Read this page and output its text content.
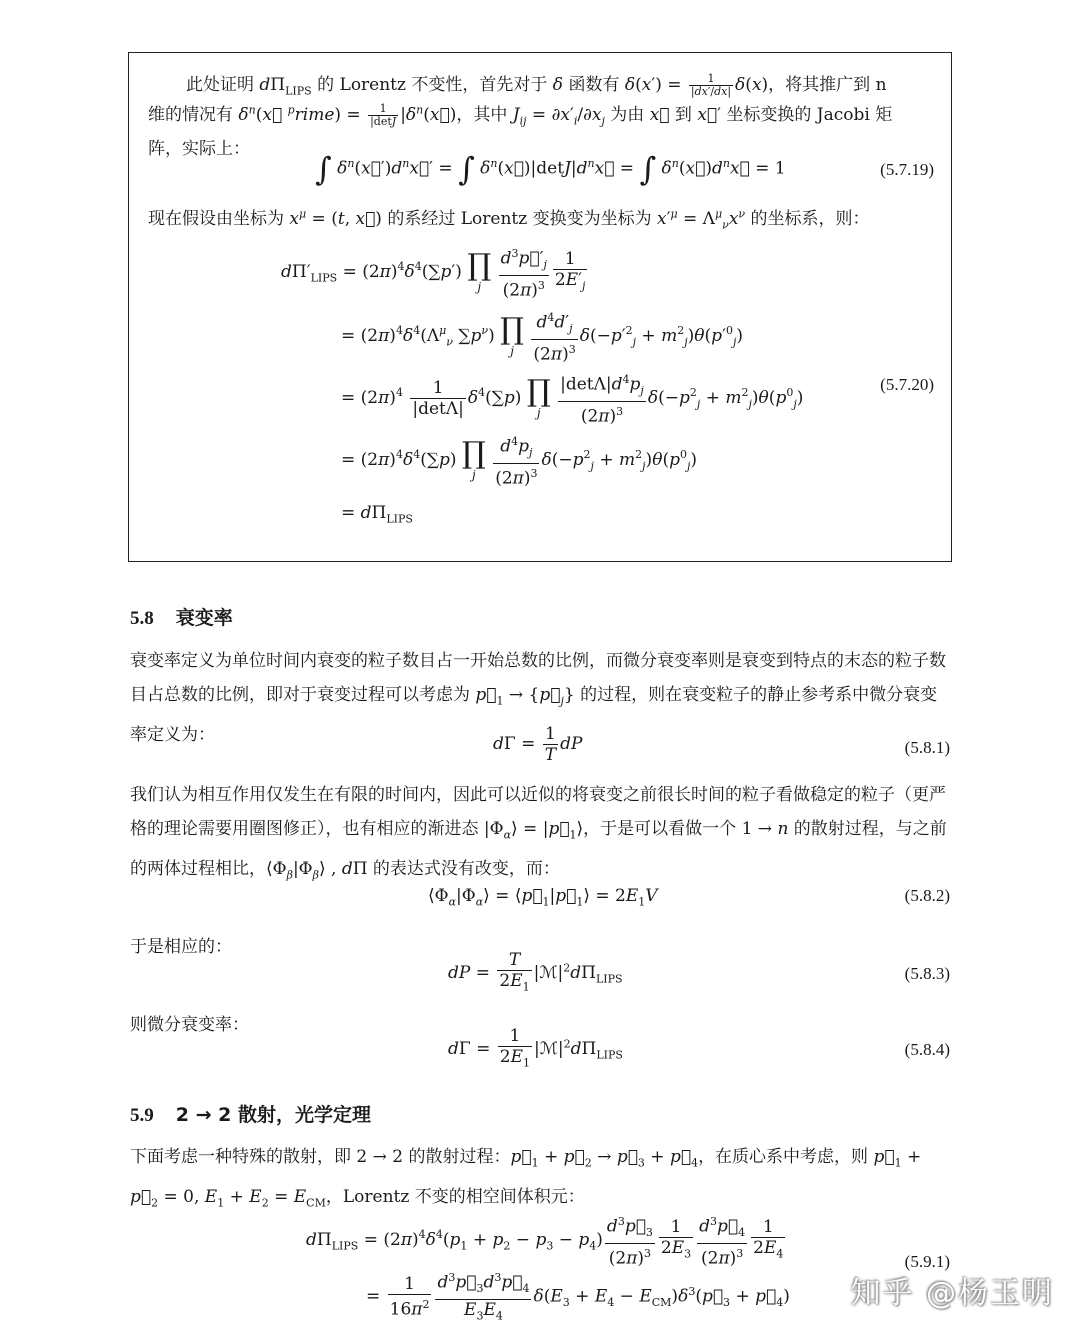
此处证明 $d\Pi_{LIPS}$ 的 Lorentz 不变性，首先对于 δ 函数有 $\delta(x') = \frac{1}{|dx'/dx|} \delta(x)$，将其推广到 n
维的情况有 $\delta^n(x⃗$ $^p$rime) = $\frac{1}{|\det J}$ $|\delta^n(x⃗)$，其中 $J_{ij} = \partial x'_i/\partial x_j$ 为由 x⃗ 到 x⃗′ 坐标变换的 Jacobi 矩
阵，实际上：
∫ $\delta^n(x⃗')d^nx⃗'$ = ∫ $\delta^n(x⃗)|\det J|d^nx⃗$ = ∫ $\delta^n(x⃗)d^nx⃗ = 1$	(5.7.19)
现在假设由坐标为 $x^\mu = (t$, x⃗) 的系经过 Lorentz 变换变为坐标为 $x'^\mu = \Lambda^\mu_\nu x^\nu$ 的坐标系，则：
$d\Pi'_{LIPS} = (2\pi)^4\delta^4(\sum p')$ ∏
j
	$\frac{d^3p⃗'_j}{(2\pi)^3} \frac{1}{2E'_j}$
= $(2\pi)^4\delta^4(\Lambda^\mu_\nu$ $\sum p^\nu$) ∏
j
	$\frac{d^4d'_j}{(2\pi)^3} \delta(-p'^2_j + m^2_j)\theta(p'^0_j)$
= $(2\pi)^4 \frac{1}{|\det\Lambda|} \delta^4(\sum p)$ ∏
j
	$\frac{|\det\Lambda|d^4p_j}{(2\pi)^3} \delta(-p^2_j + m^2_j)\theta(p^0_j)$
(5.7.20)
= $(2\pi)^4\delta^4(\sum p)$ ∏
j
	$\frac{d^4p_j}{(2\pi)^3} \delta(-p^2_j + m^2_j)\theta(p^0_j)$
= $d\Pi_{LIPS}$
5.8 衰变率

衰变率定义为单位时间内衰变的粒子数目占一开始总数的比例，而微分衰变率则是衰变到特点的末态的粒子数目占总数的比例，即对于衰变过程可以考虑为 $p⃗_1$ → $\{p⃗_j\}$ 的过程，则在衰变粒子的静止参考系中微分衰变率定义为：	$d\Gamma = \frac{1}{T}$ dP	(5.8.1)

我们认为相互作用仅发生在有限的时间内，因此可以近似的将衰变之前很长时间的粒子看做稳定的粒子（更严格的理论需要用圈图修正），也有相应的渐进态 $|\Phi_\alpha⟩$ = $|p⃗_1⟩$，于是可以看做一个 1 → n 的散射过程，与之前的两体过程相比，$⟨\Phi_\beta|\Phi_\beta⟩$ , dΠ 的表达式没有改变，而：

$⟨\Phi_\alpha|\Phi_\alpha⟩$ = $⟨p⃗_1|p⃗_1⟩ = 2E_1V$	(5.8.2)
于是相应的：
dP = $\frac{T}{2E_1}$ $|ℳ|^2d\Pi_{LIPS}$	(5.8.3)
则微分衰变率：
$d\Gamma = \frac{1}{2E_1}$ $|ℳ|^2d\Pi_{LIPS}$	(5.8.4)
5.9 2 → 2 散射，光学定理

下面考虑一种特殊的散射，即 2 → 2 的散射过程：$p⃗_1$ + $p⃗_2$ → $p⃗_3$ + $p⃗_4$，在质心系中考虑，则 $p⃗_1$ + $p⃗_2 = 0$, $E_1 + E_2 = E_{CM}$，Lorentz 不变的相空间体积元：

$d\Pi_{LIPS} = (2\pi)^4\delta^4(p_1 + p_2 - p_3 - p_4) \frac{d^3p⃗_3}{(2\pi)^3} \frac{1}{2E_3} \frac{d^3p⃗_4}{(2\pi)^3} \frac{1}{2E_4}$	(5.9.1)
= $\frac{1}{16\pi^2} \frac{d^3p⃗_3d^3p⃗_4}{E_3E_4} \delta(E_3 + E_4$ − $E_{CM})\delta^3(p⃗_3$ + $p⃗_4$) 知乎 @杨玉明
